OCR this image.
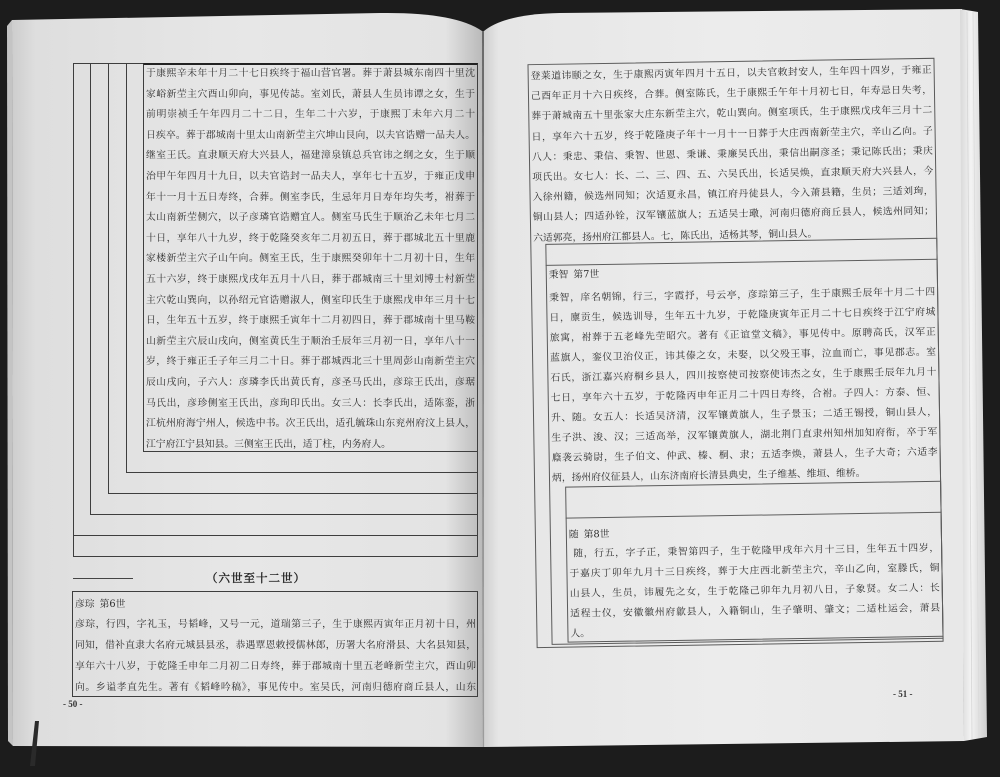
于康熙辛未年十月二十七日疾终于福山营官署。葬于萧县城东南四十里沈
家峪新茔主穴酉山卯向，事见传誌。室刘氏，萧县人生员讳谭之女，生于
前明崇祯壬午年四月二十二日，生年二十六岁，于康熙丁未年六月二十
日疾卒。葬于郡城南十里太山南新茔主穴坤山艮向，以夫官诰赠一品夫人。
继室王氏。直隶顺天府大兴县人，福建漳泉镇总兵官讳之纲之女，生于顺
治甲午年四月十九日，以夫官诰封一品夫人，享年七十五岁，于雍正戊申
年十一月十五日寿终，合葬。侧室李氏，生忌年月日寿年均失考，祔葬于
太山南新茔侧穴，以子彦璘官诰赠宜人。侧室马氏生于顺治乙未年七月二
十日，享年八十九岁，终于乾隆癸亥年二月初五日，葬于郡城北五十里鹿
家楼新茔主穴子山午向。侧室王氏，生于康熙癸卯年十二月初十日，生年
五十六岁，终于康熙戊戌年五月十八日，葬于郡城南三十里刘博士村新茔
主穴乾山巽向，以孙绍元官诰赠淑人，侧室印氏生于康熙戊申年三月十七
日，生年五十五岁，终于康熙壬寅年十二月初四日，葬于郡城南十里马鞍
山新茔主穴辰山戌向，侧室黄氏生于顺治壬辰年三月初一日，享年八十一
岁，终于雍正壬子年三月二十日。葬于郡城西北三十里周彭山南新茔主穴
辰山戌向，子六人：彦璘李氏出黄氏育，彦圣马氏出，彦琮王氏出，彦琚
马氏出，彦珍侧室王氏出，彦珣印氏出。女三人：长李氏出，适陈銮，浙
江杭州府海宁州人，候选中书。次王氏出，适孔毓珠山东兖州府汶上县人，
江宁府江宁县知县。三侧室王氏出，适丁柱，内务府人。
（六世至十二世）
彦琮 第6世
彦琮，行四，字礼玉，号韬峰，又号一元，道瑞第三子，生于康熙丙寅年正月初十日，州
同知，借补直隶大名府元城县县丞，恭遇覃恩敕授儒林郎，历署大名府滑县、大名县知县，
享年六十八岁，于乾隆壬申年二月初二日寿终，葬于郡城南十里五老峰新茔主穴，酉山卯
向。乡谥孝直先生。著有《韬峰吟稿》，事见传中。室吴氏，河南归德府商丘县人，山东
- 50 -
登莱道讳颐之女，生于康熙丙寅年四月十五日，以夫官敕封安人，生年四十四岁，于雍正
己酉年正月十六日疾终，合葬。侧室陈氏，生于康熙壬午年十月初七日，年寿忌日失考，
葬于萧城南五十里张家大庄东新茔主穴，乾山巽向。侧室项氏，生于康熙戊戌年三月十二
日，享年六十五岁，终于乾隆庚子年十一月十一日葬于大庄西南新茔主穴，辛山乙向。子
八人：秉忠、秉信、秉智、世恩、秉谦、秉廉吴氏出，秉信出嗣彦圣；秉记陈氏出；秉庆
项氏出。女七人：长、二、三、四、五、六吴氏出，长适吴焕，直隶顺天府大兴县人，今
入徐州籍，候选州同知；次适夏永昌，镇江府丹徒县人，今入萧县籍，生员；三适刘珣，
铜山县人；四适孙铨，汉军镶蓝旗人；五适吴士璥，河南归德府商丘县人，候选州同知；
六适郭亮，扬州府江都县人。七，陈氏出，适杨其琴，铜山县人。
秉智 第7世
秉智，庠名朝锦，行三，字霞抒，号云亭，彦琮第三子，生于康熙壬辰年十月二十四
日，廪贡生，候选训导，生年五十九岁，于乾隆庚寅年正月二十七日疾终于江宁府城
旅寓，祔葬于五老峰先茔昭穴。著有《正谊堂文稿》，事见传中。原聘高氏，汉军正
蓝旗人，銮仪卫治仪正，讳其傣之女，未娶，以父殁王事，泣血而亡，事见郡志。室
石氏，浙江嘉兴府桐乡县人，四川按察使司按察使讳杰之女，生于康熙壬辰年九月十
七日，享年六十五岁，于乾隆丙申年正月二十四日寿终，合祔。子四人：方泰、恒、
升、随。女五人：长适吴济清，汉军镶黄旗人，生子景玉；二适王锡授，铜山县人，
生子洪、浚、汉；三适高举，汉军镶黄旗人，湖北荆门直隶州知州加知府衔，卒于军
廕袭云骑尉，生子伯文、仲武、榛、桐、隶；五适李焕，萧县人，生子大奇；六适李
炳，扬州府仪征县人，山东济南府长清县典史，生子维基、维垣、维桥。
随 第8世
随，行五，字子正，秉智第四子，生于乾隆甲戌年六月十三日，生年五十四岁，
于嘉庆丁卯年九月十三日疾终，葬于大庄西北新茔主穴，辛山乙向，室滕氏，铜
山县人，生员，讳履先之女，生于乾隆己卯年九月初八日，子象贤。女二人：长
适程士仪，安徽徽州府歙县人，入籍铜山，生子肇明、肇文；二适杜运会，萧县
人。
- 51 -
